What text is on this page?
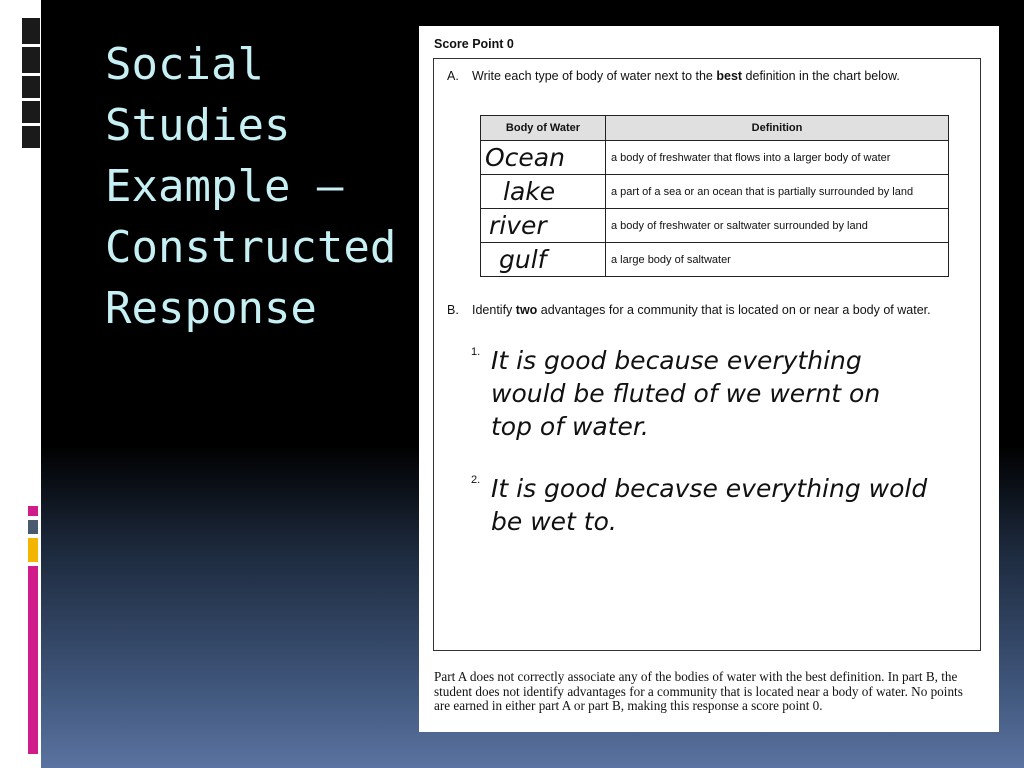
Social Studies Example – Constructed Response
Score Point 0
A. Write each type of body of water next to the best definition in the chart below.
Body of Water	Definition
Ocean	a body of freshwater that flows into a larger body of water
lake	a part of a sea or an ocean that is partially surrounded by land
river	a body of freshwater or saltwater surrounded by land
gulf	a large body of saltwater
B. Identify two advantages for a community that is located on or near a body of water.
1. It is good because everything would be fluted of we wernt on top of water.
2. It is good becavse everything wold be wet to.
Part A does not correctly associate any of the bodies of water with the best definition. In part B, the student does not identify advantages for a community that is located near a body of water. No points are earned in either part A or part B, making this response a score point 0.
